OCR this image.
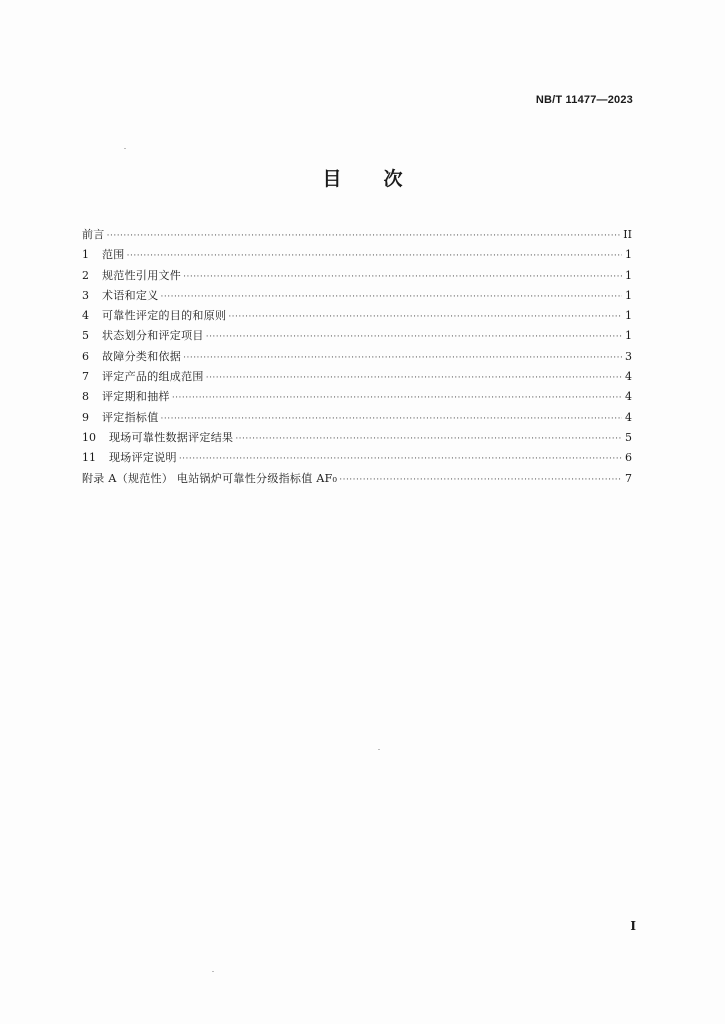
NB/T 11477—2023
目 次
前言 ·····	II
1	范围 ·····	1
2	规范性引用文件 ·····	1
3	术语和定义 ·····	1
4	可靠性评定的目的和原则 ·····	1
5	状态划分和评定项目 ·····	1
6	故障分类和依据 ·····	3
7	评定产品的组成范围 ·····	4
8	评定期和抽样 ·····	4
9	评定指标值 ·····	4
10	现场可靠性数据评定结果 ·····	5
11	现场评定说明 ·····	6
附录 A（规范性） 电站锅炉可靠性分级指标值 AF₀ ·····	7
I
